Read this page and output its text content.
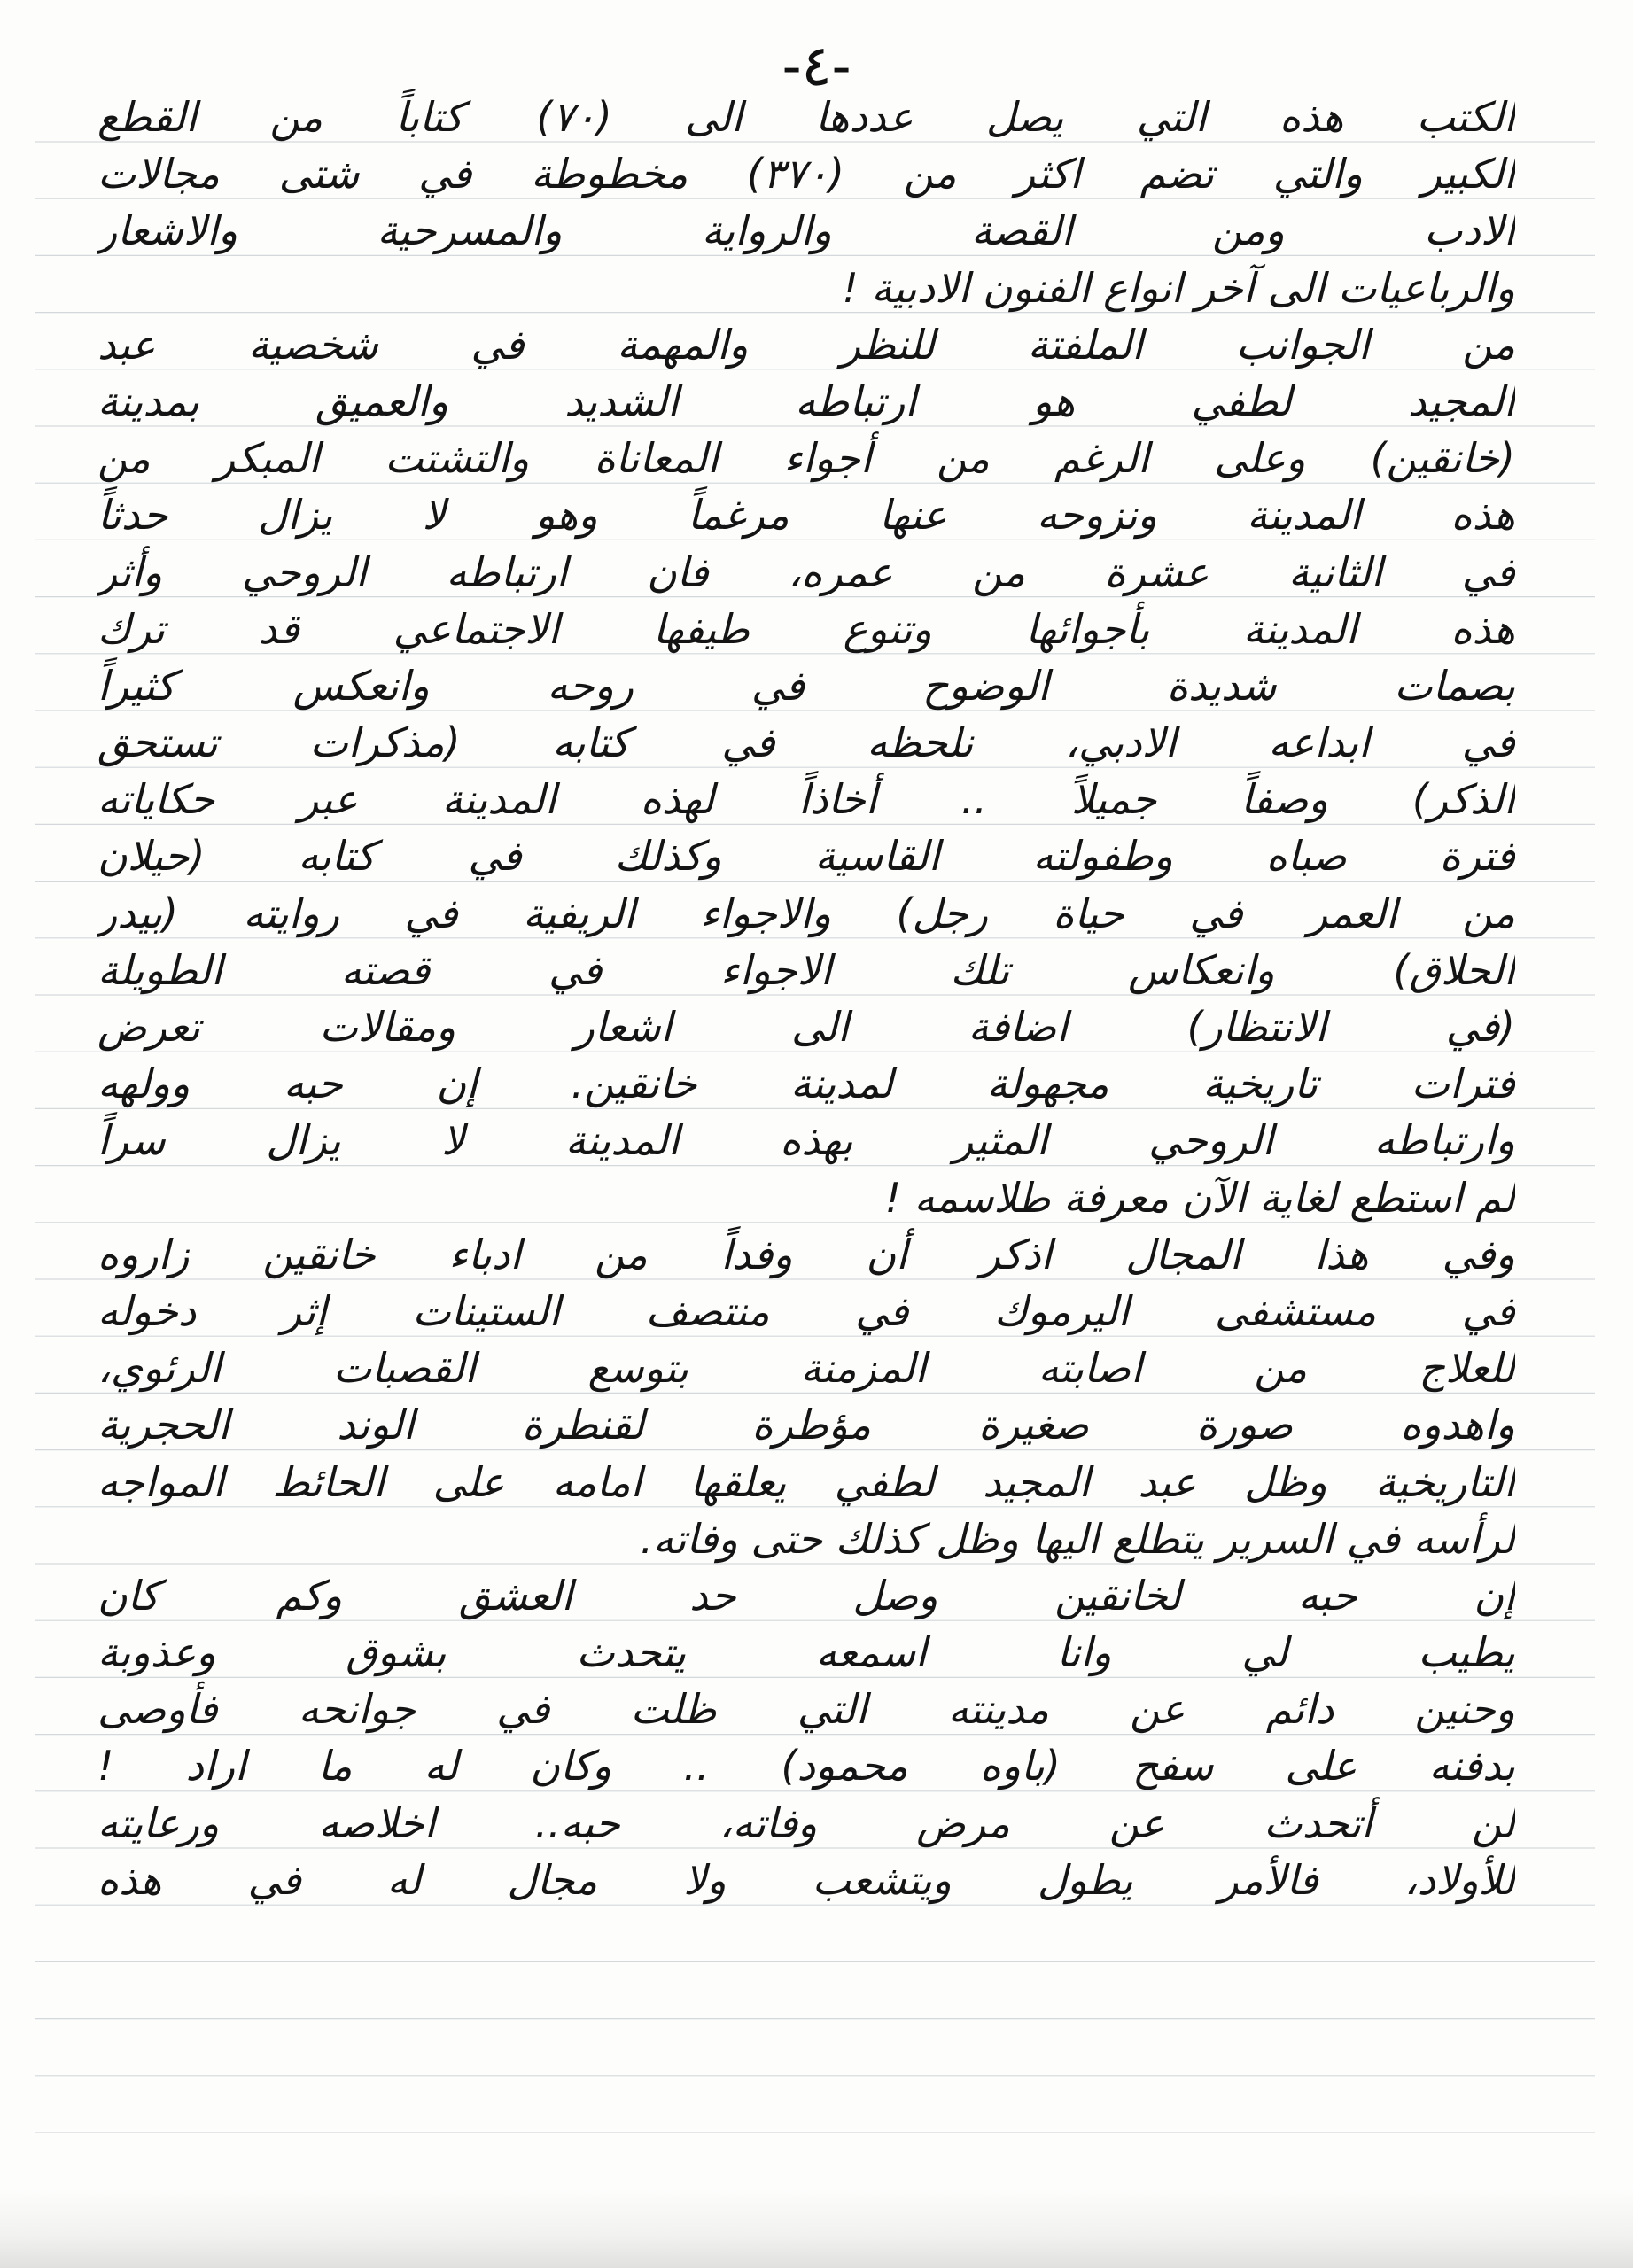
-٤-
الكتب هذه التي يصل عددها الى (٧٠) كتاباً من القطع
الكبير والتي تضم اكثر من (٣٧٠) مخطوطة في شتى مجالات
الادب ومن القصة والرواية والمسرحية والاشعار
والرباعيات الى آخر انواع الفنون الادبية !
من الجوانب الملفتة للنظر والمهمة في شخصية عبد
المجيد لطفي هو ارتباطه الشديد والعميق بمدينة
(خانقين) وعلى الرغم من أجواء المعاناة والتشتت المبكر من
هذه المدينة ونزوحه عنها مرغماً وهو لا يزال حدثاً
في الثانية عشرة من عمره، فان ارتباطه الروحي وأثر
هذه المدينة بأجوائها وتنوع طيفها الاجتماعي قد ترك
بصمات شديدة الوضوح في روحه وانعكس كثيراً
في ابداعه الادبي، نلحظه في كتابه (مذكرات تستحق
الذكر) وصفاً جميلاً .. أخاذاً لهذه المدينة عبر حكاياته
فترة صباه وطفولته القاسية وكذلك في كتابه (حيلان
من العمر في حياة رجل) والاجواء الريفية في روايته (بيدر
الحلاق) وانعكاس تلك الاجواء في قصته الطويلة
(في الانتظار) اضافة الى اشعار ومقالات تعرض
فترات تاريخية مجهولة لمدينة خانقين. إن حبه وولهه
وارتباطه الروحي المثير بهذه المدينة لا يزال سراً
لم استطع لغاية الآن معرفة طلاسمه !
وفي هذا المجال اذكر أن وفداً من ادباء خانقين زاروه
في مستشفى اليرموك في منتصف الستينات إثر دخوله
للعلاج من اصابته المزمنة بتوسع القصبات الرئوي،
واهدوه صورة صغيرة مؤطرة لقنطرة الوند الحجرية
التاريخية وظل عبد المجيد لطفي يعلقها امامه على الحائط المواجه
لرأسه في السرير يتطلع اليها وظل كذلك حتى وفاته.
إن حبه لخانقين وصل حد العشق وكم كان
يطيب لي وانا اسمعه يتحدث بشوق وعذوبة
وحنين دائم عن مدينته التي ظلت في جوانحه فأوصى
بدفنه على سفح (باوه محمود) .. وكان له ما اراد !
لن أتحدث عن مرض وفاته، حبه.. اخلاصه ورعايته
للأولاد، فالأمر يطول ويتشعب ولا مجال له في هذه
